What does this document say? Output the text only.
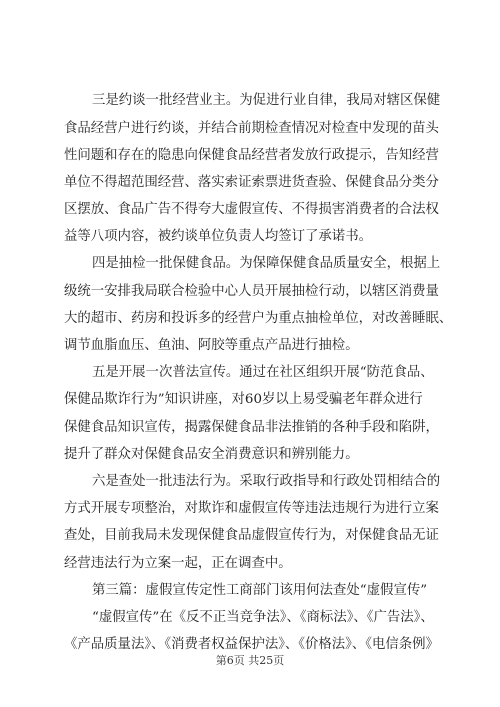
三是约谈一批经营业主。为促进行业自律，我局对辖区保健
食品经营户进行约谈，并结合前期检查情况对检查中发现的苗头
性问题和存在的隐患向保健食品经营者发放行政提示，告知经营
单位不得超范围经营、落实索证索票进货查验、保健食品分类分
区摆放、食品广告不得夸大虚假宣传、不得损害消费者的合法权
益等八项内容，被约谈单位负责人均签订了承诺书。
四是抽检一批保健食品。为保障保健食品质量安全，根据上
级统一安排我局联合检验中心人员开展抽检行动，以辖区消费量
大的超市、药房和投诉多的经营户为重点抽检单位，对改善睡眠、
调节血脂血压、鱼油、阿胶等重点产品进行抽检。
五是开展一次普法宣传。通过在社区组织开展“防范食品、
保健品欺诈行为”知识讲座，对60岁以上易受骗老年群众进行
保健食品知识宣传，揭露保健食品非法推销的各种手段和陷阱，
提升了群众对保健食品安全消费意识和辨别能力。
六是查处一批违法行为。采取行政指导和行政处罚相结合的
方式开展专项整治，对欺诈和虚假宣传等违法违规行为进行立案
查处，目前我局未发现保健食品虚假宣传行为，对保健食品无证
经营违法行为立案一起，正在调查中。
第三篇：虚假宣传定性工商部门该用何法查处“虚假宣传”
“虚假宣传”在《反不正当竞争法》、《商标法》、《广告法》、
《产品质量法》、《消费者权益保护法》、《价格法》、《电信条例》
第6页 共25页
